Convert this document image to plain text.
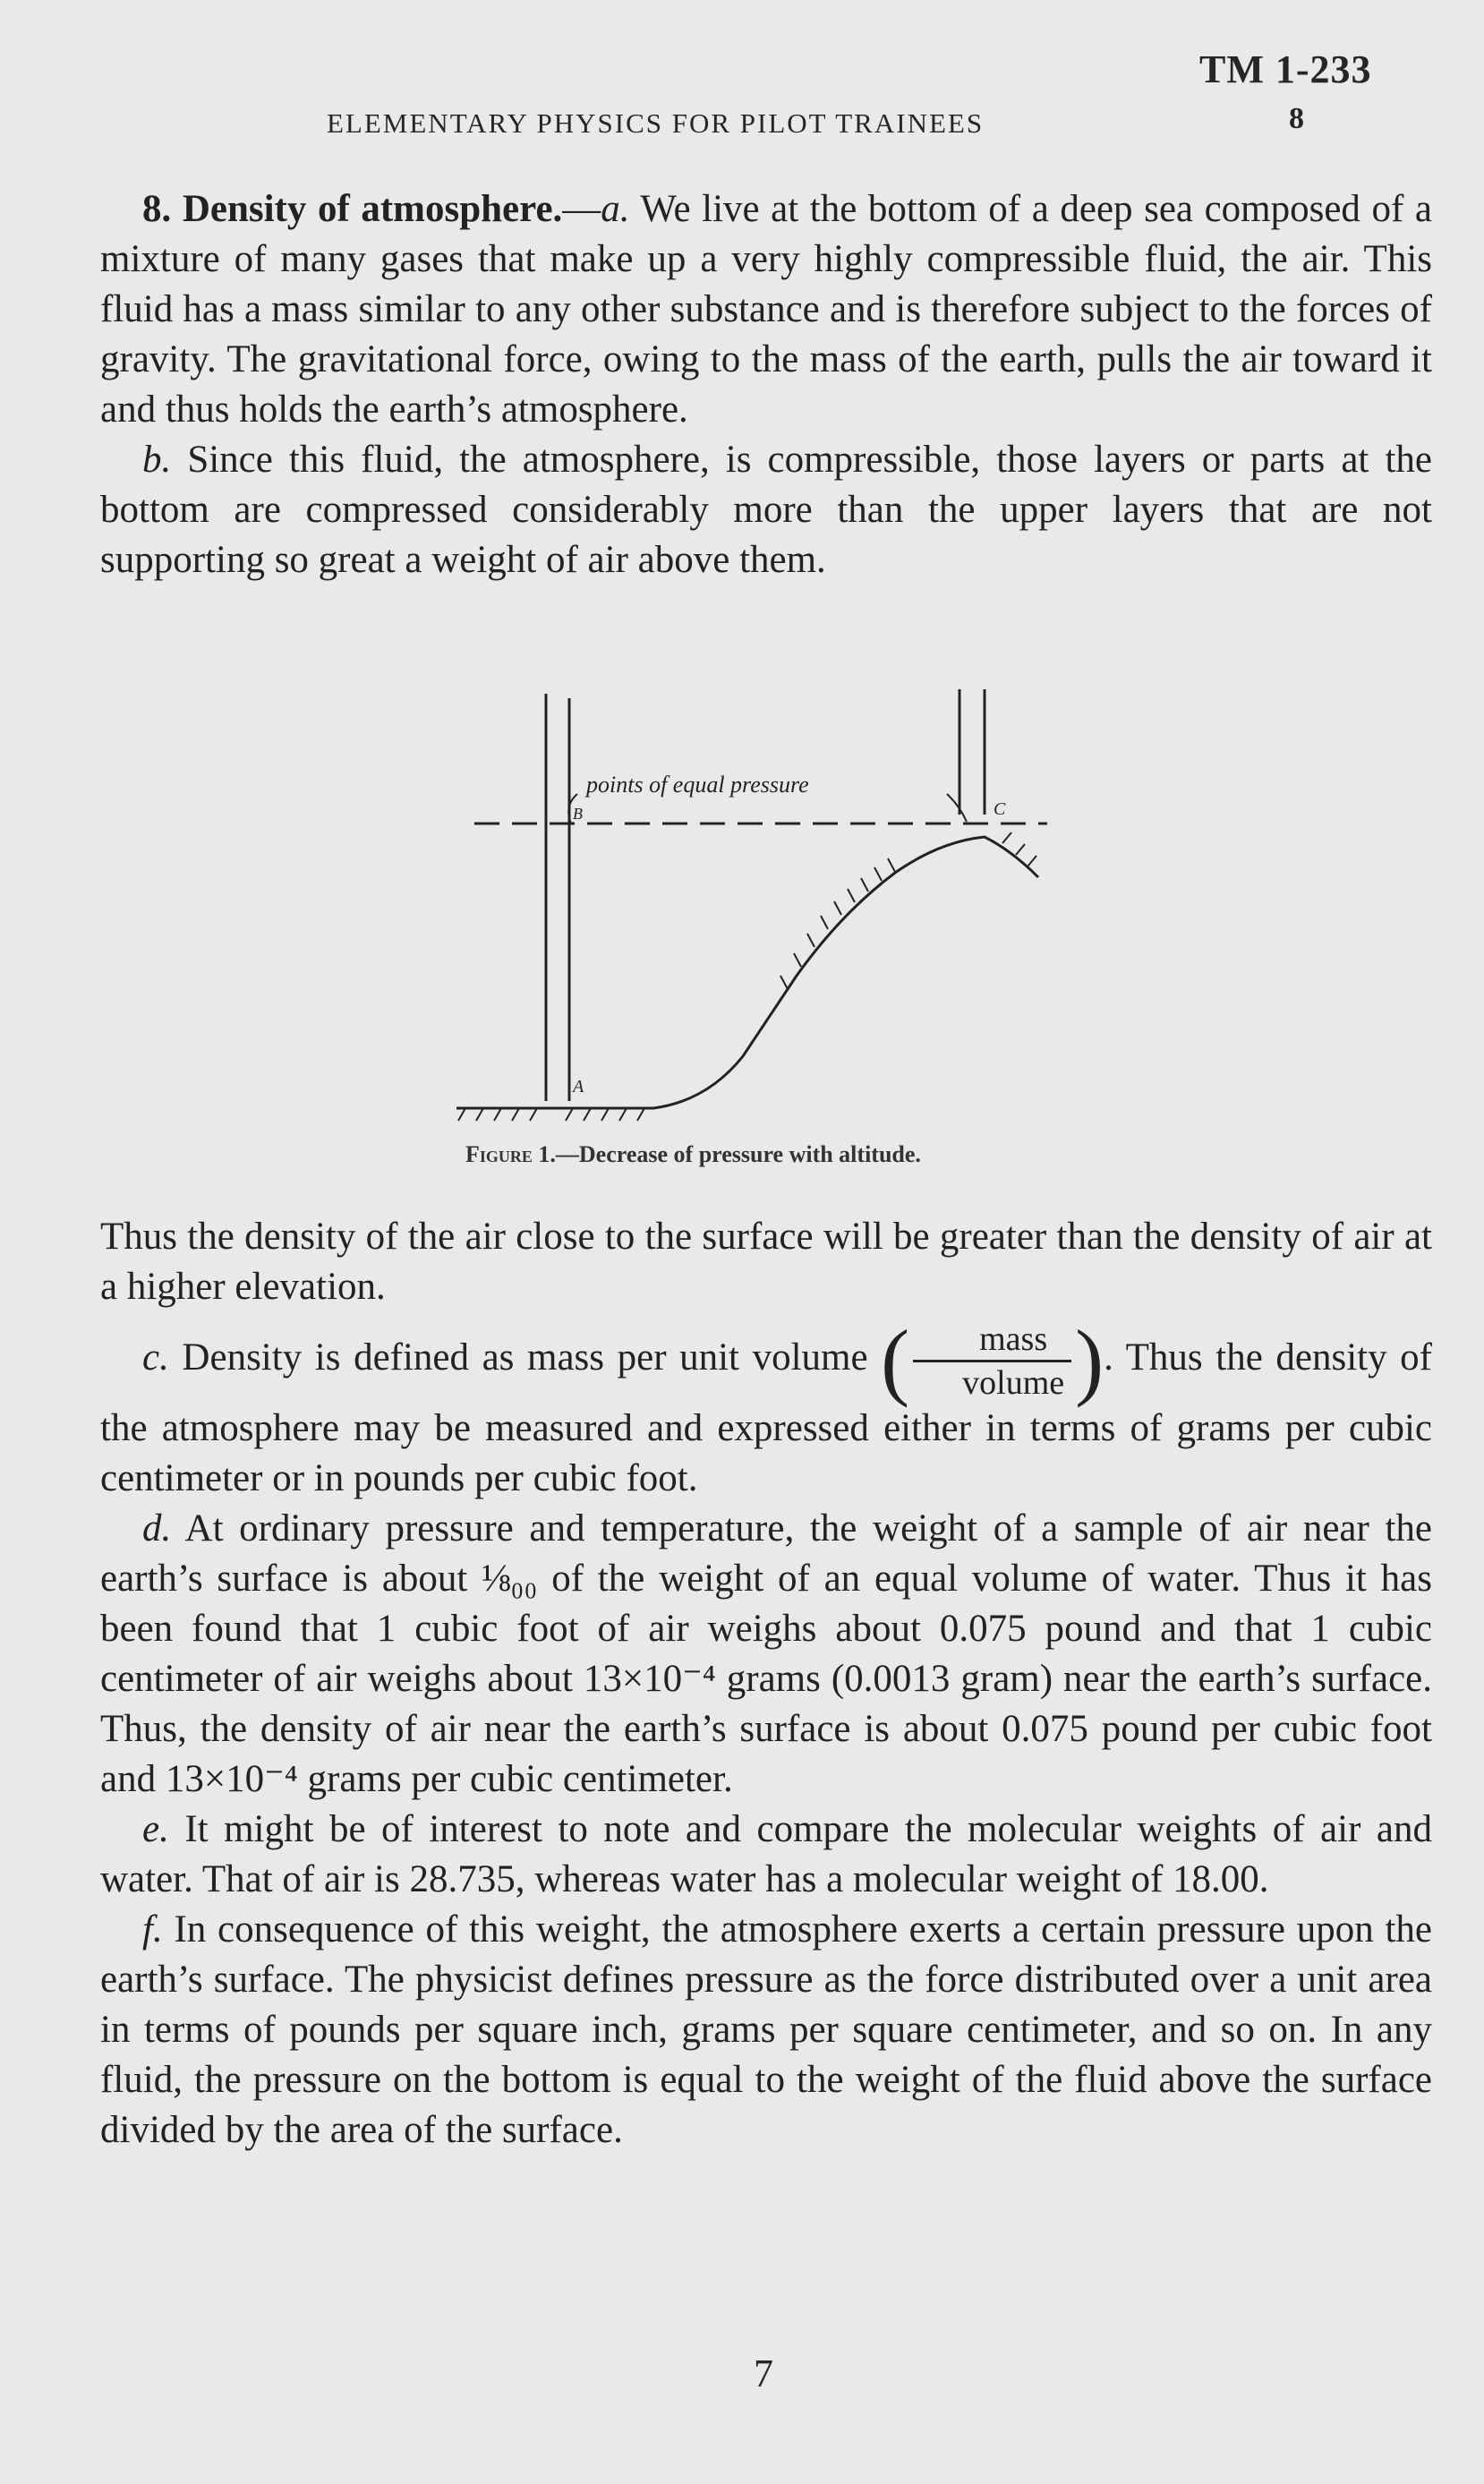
TM 1-233
ELEMENTARY PHYSICS FOR PILOT TRAINEES	8

8. Density of atmosphere.—a. We live at the bottom of a deep sea composed of a mixture of many gases that make up a very highly compressible fluid, the air. This fluid has a mass similar to any other substance and is therefore subject to the forces of gravity. The gravitational force, owing to the mass of the earth, pulls the air toward it and thus holds the earth’s atmosphere.

b. Since this fluid, the atmosphere, is compressible, those layers or parts at the bottom are compressed considerably more than the upper layers that are not supporting so great a weight of air above them.

points of equal pressure
A
B	C
Figure 1.—Decrease of pressure with altitude.

Thus the density of the air close to the surface will be greater than the density of air at a higher elevation.

c. Density is defined as mass per unit volume ( $\frac{\text{mass}}{\text{volume}}$ ). Thus the density of the atmosphere may be measured and expressed either in terms of grams per cubic centimeter or in pounds per cubic foot.

d. At ordinary pressure and temperature, the weight of a sample of air near the earth’s surface is about ⅛₀₀ of the weight of an equal volume of water. Thus it has been found that 1 cubic foot of air weighs about 0.075 pound and that 1 cubic centimeter of air weighs about 13×10⁻⁴ grams (0.0013 gram) near the earth’s surface. Thus, the density of air near the earth’s surface is about 0.075 pound per cubic foot and 13×10⁻⁴ grams per cubic centimeter.

e. It might be of interest to note and compare the molecular weights of air and water. That of air is 28.735, whereas water has a molecular weight of 18.00.

f. In consequence of this weight, the atmosphere exerts a certain pressure upon the earth’s surface. The physicist defines pressure as the force distributed over a unit area in terms of pounds per square inch, grams per square centimeter, and so on. In any fluid, the pressure on the bottom is equal to the weight of the fluid above the surface divided by the area of the surface.

7
